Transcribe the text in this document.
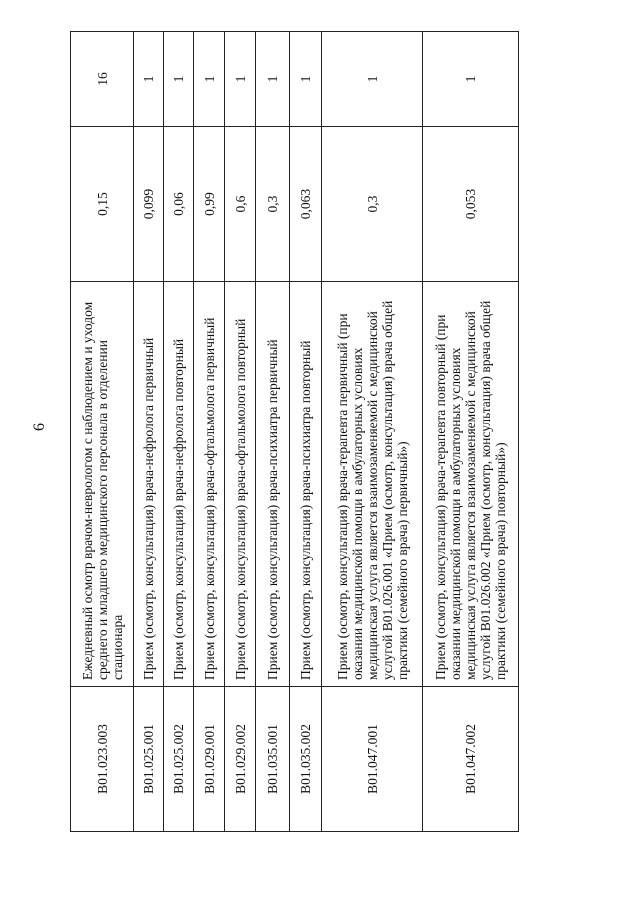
6
B01.023.003	Ежедневный осмотр врачом-неврологом с наблюдением и уходом среднего и младшего медицинского персонала в отделении стационара	0,15	16
B01.025.001	Прием (осмотр, консультация) врача-нефролога первичный	0,099	1
B01.025.002	Прием (осмотр, консультация) врача-нефролога повторный	0,06	1
B01.029.001	Прием (осмотр, консультация) врача-офтальмолога первичный	0,99	1
B01.029.002	Прием (осмотр, консультация) врача-офтальмолога повторный	0,6	1
B01.035.001	Прием (осмотр, консультация) врача-психиатра первичный	0,3	1
B01.035.002	Прием (осмотр, консультация) врача-психиатра повторный	0,063	1
B01.047.001	Прием (осмотр, консультация) врача-терапевта первичный (при оказании медицинской помощи в амбулаторных условиях медицинская услуга является взаимозаменяемой с медицинской услугой B01.026.001 «Прием (осмотр, консультация) врача общей практики (семейного врача) первичный»)	0,3	1
B01.047.002	Прием (осмотр, консультация) врача-терапевта повторный (при оказании медицинской помощи в амбулаторных условиях медицинская услуга является взаимозаменяемой с медицинской услугой B01.026.002 «Прием (осмотр, консультация) врача общей практики (семейного врача) повторный»)	0,053	1
